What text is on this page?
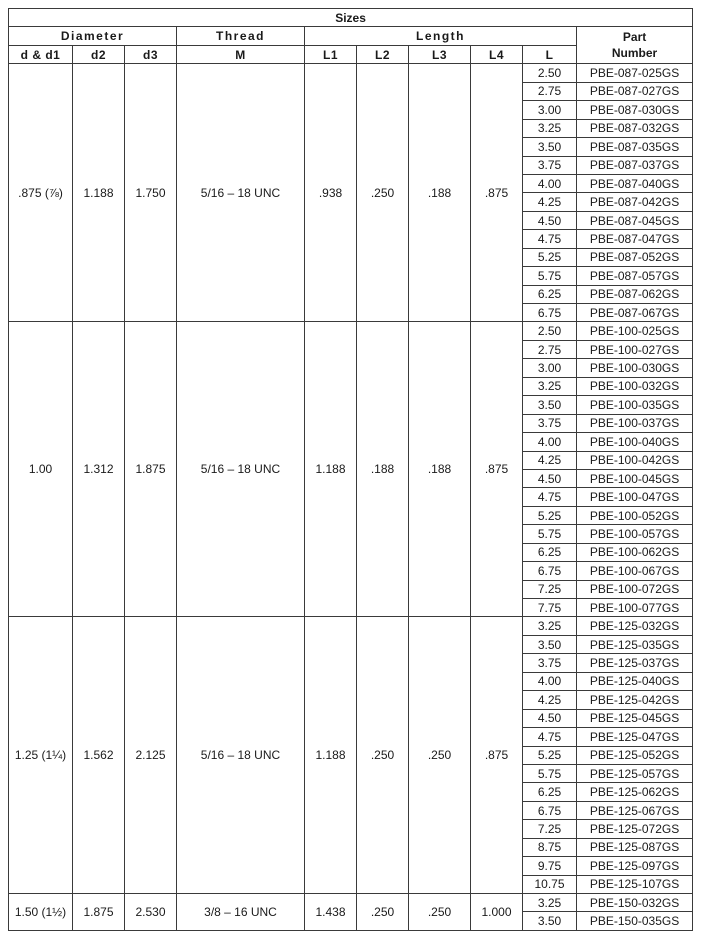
Sizes									
Diameter			Thread	Length					Part
Number
d & d1	d2	d3	M	L1	L2	L3	L4	L	
.875 (⅞)	1.188	1.750	5/16 – 18 UNC	.938	.250	.188	.875	2.50	PBE-087-025GS
								2.75	PBE-087-027GS
								3.00	PBE-087-030GS
								3.25	PBE-087-032GS
								3.50	PBE-087-035GS
								3.75	PBE-087-037GS
								4.00	PBE-087-040GS
								4.25	PBE-087-042GS
								4.50	PBE-087-045GS
								4.75	PBE-087-047GS
								5.25	PBE-087-052GS
								5.75	PBE-087-057GS
								6.25	PBE-087-062GS
								6.75	PBE-087-067GS
1.00	1.312	1.875	5/16 – 18 UNC	1.188	.188	.188	.875	2.50	PBE-100-025GS
								2.75	PBE-100-027GS
								3.00	PBE-100-030GS
								3.25	PBE-100-032GS
								3.50	PBE-100-035GS
								3.75	PBE-100-037GS
								4.00	PBE-100-040GS
								4.25	PBE-100-042GS
								4.50	PBE-100-045GS
								4.75	PBE-100-047GS
								5.25	PBE-100-052GS
								5.75	PBE-100-057GS
								6.25	PBE-100-062GS
								6.75	PBE-100-067GS
								7.25	PBE-100-072GS
								7.75	PBE-100-077GS
1.25 (1¼)	1.562	2.125	5/16 – 18 UNC	1.188	.250	.250	.875	3.25	PBE-125-032GS
								3.50	PBE-125-035GS
								3.75	PBE-125-037GS
								4.00	PBE-125-040GS
								4.25	PBE-125-042GS
								4.50	PBE-125-045GS
								4.75	PBE-125-047GS
								5.25	PBE-125-052GS
								5.75	PBE-125-057GS
								6.25	PBE-125-062GS
								6.75	PBE-125-067GS
								7.25	PBE-125-072GS
								8.75	PBE-125-087GS
								9.75	PBE-125-097GS
								10.75	PBE-125-107GS
1.50 (1½)	1.875	2.530	3/8 – 16 UNC	1.438	.250	.250	1.000	3.25	PBE-150-032GS
								3.50	PBE-150-035GS
